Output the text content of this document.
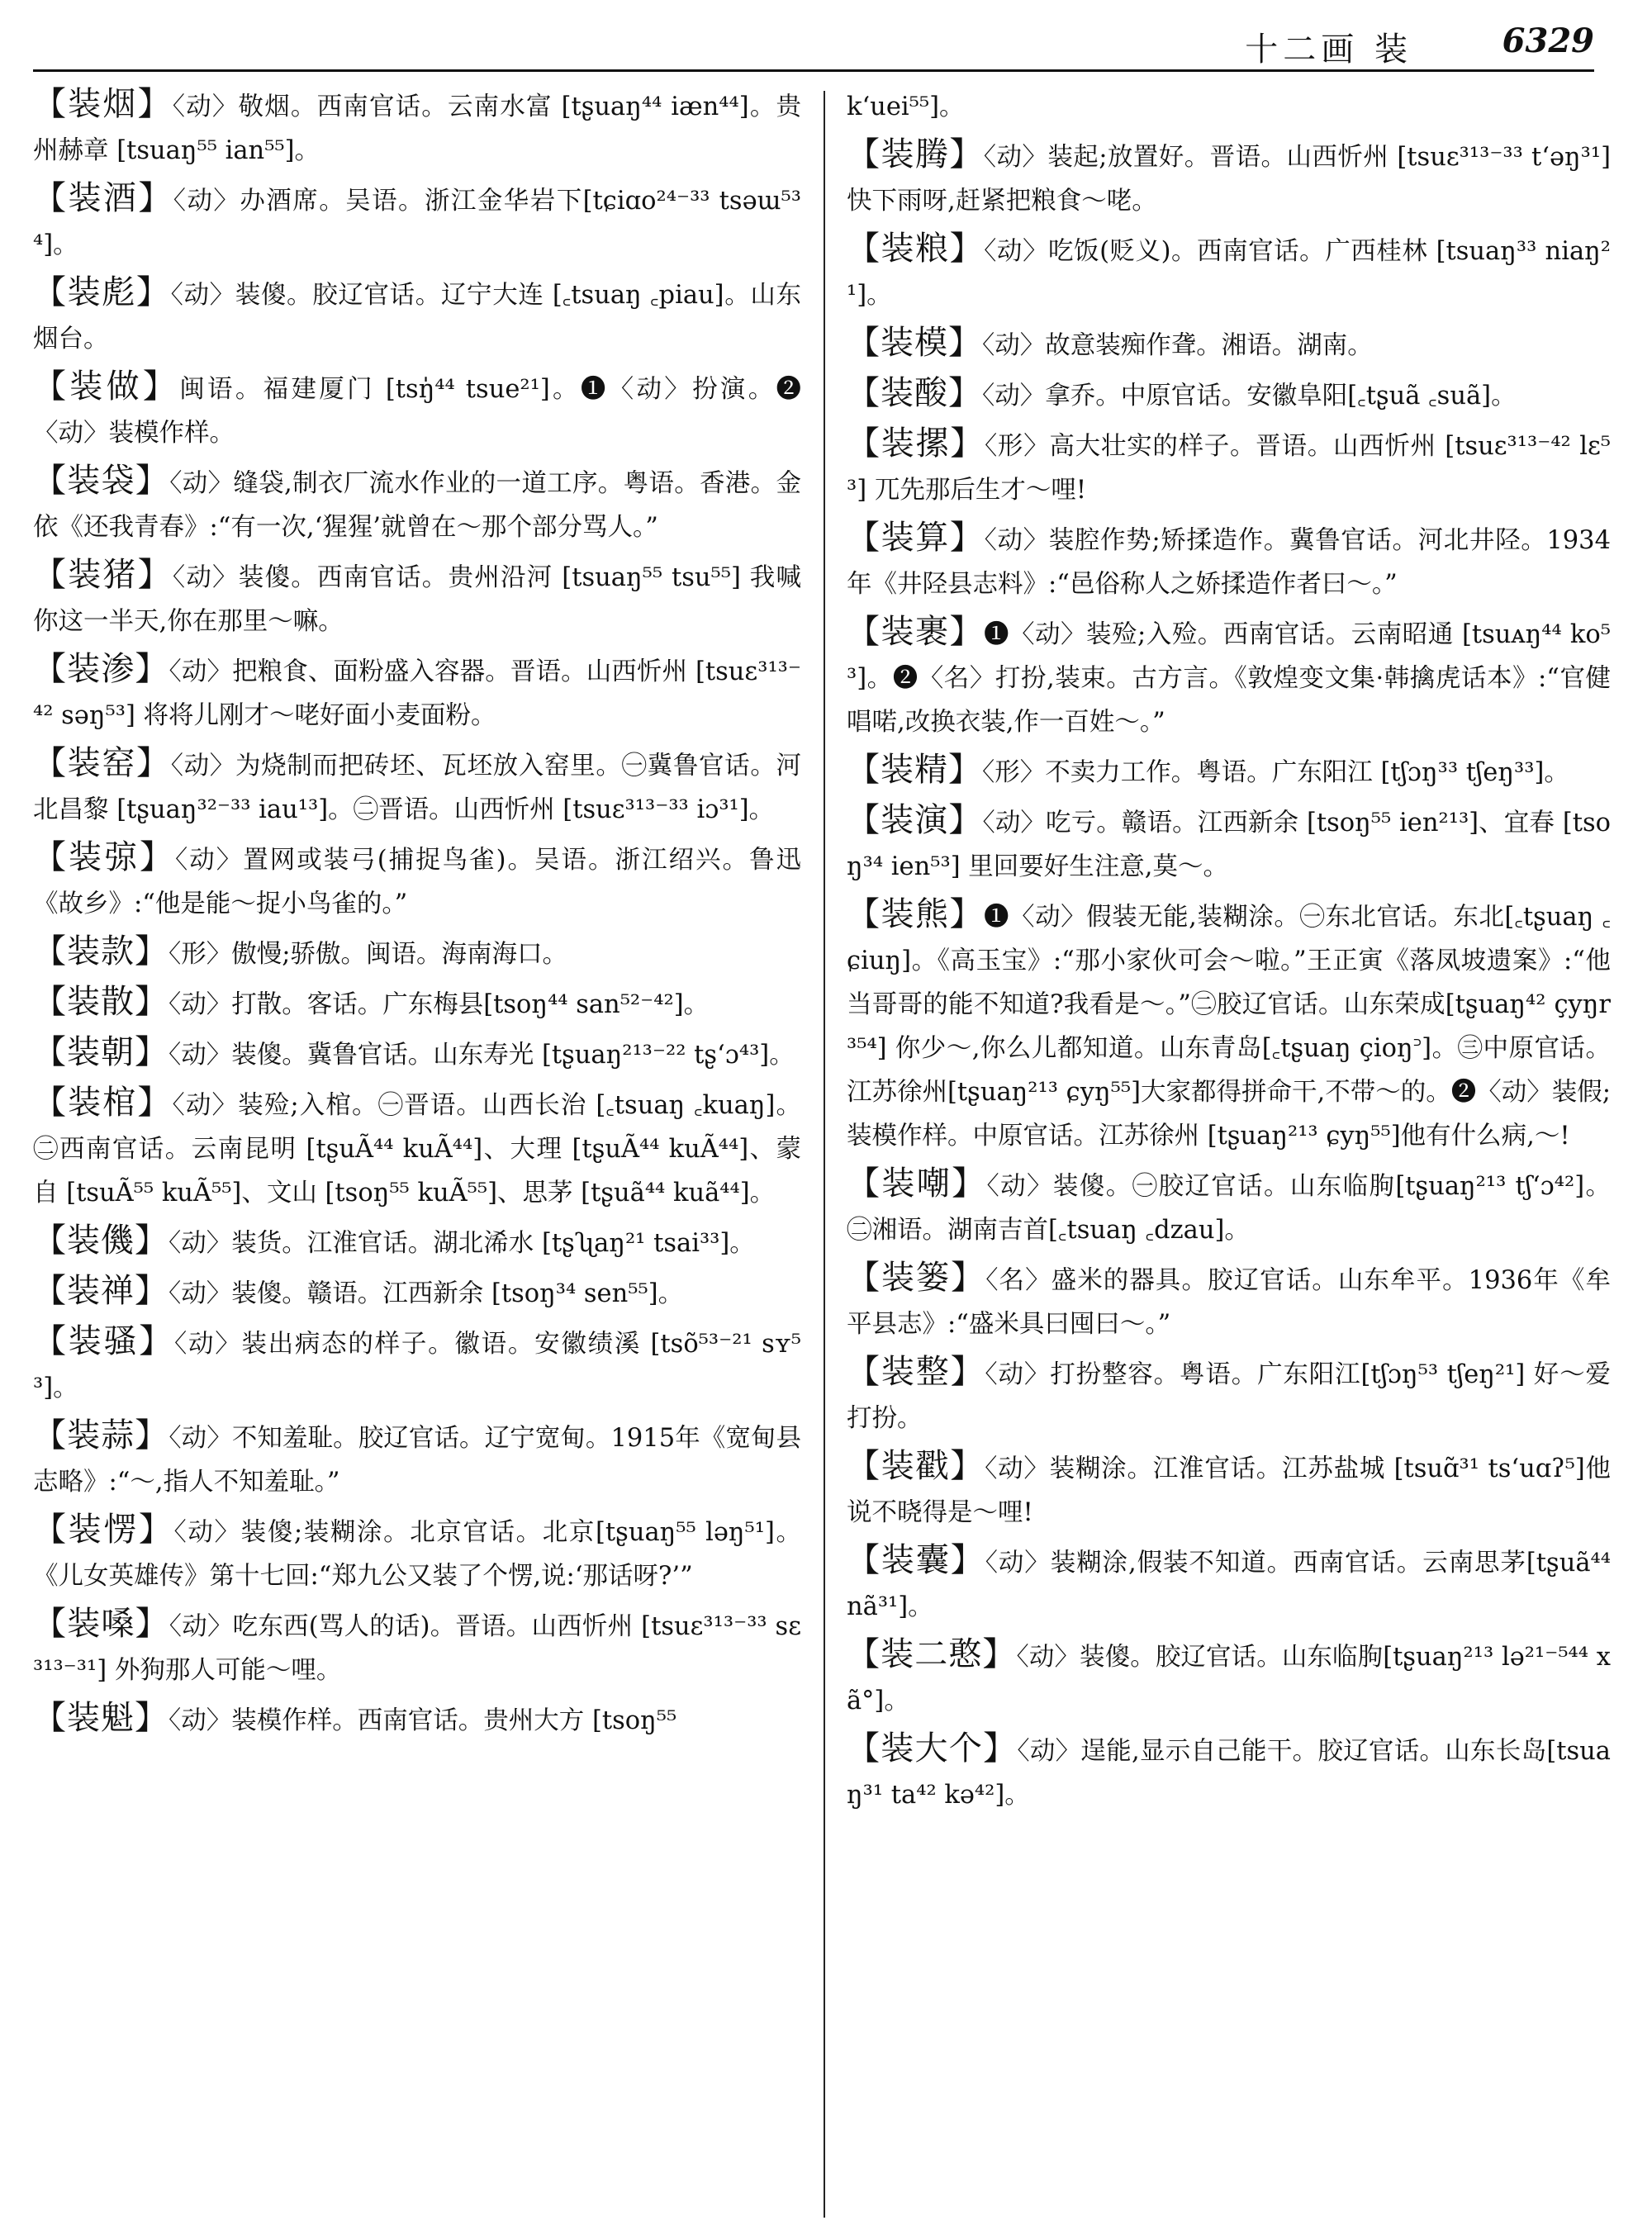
十二画 装	6329

【装烟】〈动〉敬烟。西南官话。云南水富 [tʂuaŋ⁴⁴ iæn⁴⁴]。贵州赫章 [tsuaŋ⁵⁵ ian⁵⁵]。

【装酒】〈动〉办酒席。吴语。浙江金华岩下[tɕiɑo²⁴⁻³³ tsəɯ⁵³⁴]。

【装彪】〈动〉装傻。胶辽官话。辽宁大连 [꜀tsuaŋ ꜀piau]。山东烟台。

【装做】闽语。福建厦门 [tsŋ̍⁴⁴ tsue²¹]。❶〈动〉扮演。❷〈动〉装模作样。

【装袋】〈动〉缝袋,制衣厂流水作业的一道工序。粤语。香港。金依《还我青春》:“有一次,‘猩猩’就曾在～那个部分骂人。”

【装猪】〈动〉装傻。西南官话。贵州沿河 [tsuaŋ⁵⁵ tsu⁵⁵] 我喊你这一半天,你在那里～嘛。

【装渗】〈动〉把粮食、面粉盛入容器。晋语。山西忻州 [tsuɛ³¹³⁻⁴² səŋ⁵³] 将将儿刚才～咾好面小麦面粉。

【装窑】〈动〉为烧制而把砖坯、瓦坯放入窑里。㊀冀鲁官话。河北昌黎 [tʂuaŋ³²⁻³³ iau¹³]。㊁晋语。山西忻州 [tsuɛ³¹³⁻³³ iɔ³¹]。

【装弶】〈动〉置网或装弓(捕捉鸟雀)。吴语。浙江绍兴。鲁迅《故乡》:“他是能～捉小鸟雀的。”

【装款】〈形〉傲慢;骄傲。闽语。海南海口。

【装散】〈动〉打散。客话。广东梅县[tsoŋ⁴⁴ san⁵²⁻⁴²]。

【装朝】〈动〉装傻。冀鲁官话。山东寿光 [tʂuaŋ²¹³⁻²² tʂʻɔ⁴³]。

【装棺】〈动〉装殓;入棺。㊀晋语。山西长治 [꜀tsuaŋ ꜀kuaŋ]。㊁西南官话。云南昆明 [tʂuÃ⁴⁴ kuÃ⁴⁴]、大理 [tʂuÃ⁴⁴ kuÃ⁴⁴]、蒙自 [tsuÃ⁵⁵ kuÃ⁵⁵]、文山 [tsoŋ⁵⁵ kuÃ⁵⁵]、思茅 [tʂuã⁴⁴ kuã⁴⁴]。

【装僟】〈动〉装货。江淮官话。湖北浠水 [tʂʯaŋ²¹ tsai³³]。

【装禅】〈动〉装傻。赣语。江西新余 [tsoŋ³⁴ sen⁵⁵]。

【装骚】〈动〉装出病态的样子。徽语。安徽绩溪 [tsõ⁵³⁻²¹ sʏ⁵³]。

【装蒜】〈动〉不知羞耻。胶辽官话。辽宁宽甸。1915年《宽甸县志略》:“～,指人不知羞耻。”

【装愣】〈动〉装傻;装糊涂。北京官话。北京[tʂuaŋ⁵⁵ ləŋ⁵¹]。《儿女英雄传》第十七回:“郑九公又装了个愣,说:‘那话呀?’”

【装嗓】〈动〉吃东西(骂人的话)。晋语。山西忻州 [tsuɛ³¹³⁻³³ sɛ³¹³⁻³¹] 外狗那人可能～哩。

【装魁】〈动〉装模作样。西南官话。贵州大方 [tsoŋ⁵⁵

kʻuei⁵⁵]。

【装腾】〈动〉装起;放置好。晋语。山西忻州 [tsuɛ³¹³⁻³³ tʻəŋ³¹] 快下雨呀,赶紧把粮食～咾。

【装粮】〈动〉吃饭(贬义)。西南官话。广西桂林 [tsuaŋ³³ niaŋ²¹]。

【装模】〈动〉故意装痴作聋。湘语。湖南。

【装酸】〈动〉拿乔。中原官话。安徽阜阳[꜀tʂuã ꜀suã]。

【装摞】〈形〉高大壮实的样子。晋语。山西忻州 [tsuɛ³¹³⁻⁴² lɛ⁵³] 兀先那后生才～哩!

【装算】〈动〉装腔作势;矫揉造作。冀鲁官话。河北井陉。1934年《井陉县志料》:“邑俗称人之娇揉造作者曰～。”

【装裹】❶〈动〉装殓;入殓。西南官话。云南昭通 [tsuᴀŋ⁴⁴ ko⁵³]。❷〈名〉打扮,装束。古方言。《敦煌变文集·韩擒虎话本》:“官健唱喏,改换衣装,作一百姓～。”

【装精】〈形〉不卖力工作。粤语。广东阳江 [tʃɔŋ³³ tʃeŋ³³]。

【装演】〈动〉吃亏。赣语。江西新余 [tsoŋ⁵⁵ ien²¹³]、宜春 [tsoŋ³⁴ ien⁵³] 里回要好生注意,莫～。

【装熊】❶〈动〉假装无能,装糊涂。㊀东北官话。东北[꜀tʂuaŋ ꜀ɕiuŋ]。《高玉宝》:“那小家伙可会～啦。”王正寅《落凤坡遗案》:“他当哥哥的能不知道?我看是～。”㊁胶辽官话。山东荣成[tʂuaŋ⁴² çyŋr³⁵⁴] 你少～,你么儿都知道。山东青岛[꜀tʂuaŋ çioŋ꜄]。㊂中原官话。江苏徐州[tʂuaŋ²¹³ ɕyŋ⁵⁵]大家都得拼命干,不带～的。❷〈动〉装假;装模作样。中原官话。江苏徐州 [tʂuaŋ²¹³ ɕyŋ⁵⁵]他有什么病,～!

【装嘲】〈动〉装傻。㊀胶辽官话。山东临朐[tʂuaŋ²¹³ tʃʻɔ⁴²]。㊁湘语。湖南吉首[꜀tsuaŋ ꜀dzau]。

【装篓】〈名〉盛米的器具。胶辽官话。山东牟平。1936年《牟平县志》:“盛米具曰囤曰～。”

【装整】〈动〉打扮整容。粤语。广东阳江[tʃɔŋ⁵³ tʃeŋ²¹] 好～爱打扮。

【装戳】〈动〉装糊涂。江淮官话。江苏盐城 [tsuɑ̃³¹ tsʻuɑʔ⁵]他说不晓得是～哩!

【装囊】〈动〉装糊涂,假装不知道。西南官话。云南思茅[tʂuã⁴⁴ nã³¹]。

【装二憨】〈动〉装傻。胶辽官话。山东临朐[tʂuaŋ²¹³ lə²¹⁻⁵⁴⁴ xã°]。

【装大个】〈动〉逞能,显示自己能干。胶辽官话。山东长岛[tsuaŋ³¹ ta⁴² kə⁴²]。
